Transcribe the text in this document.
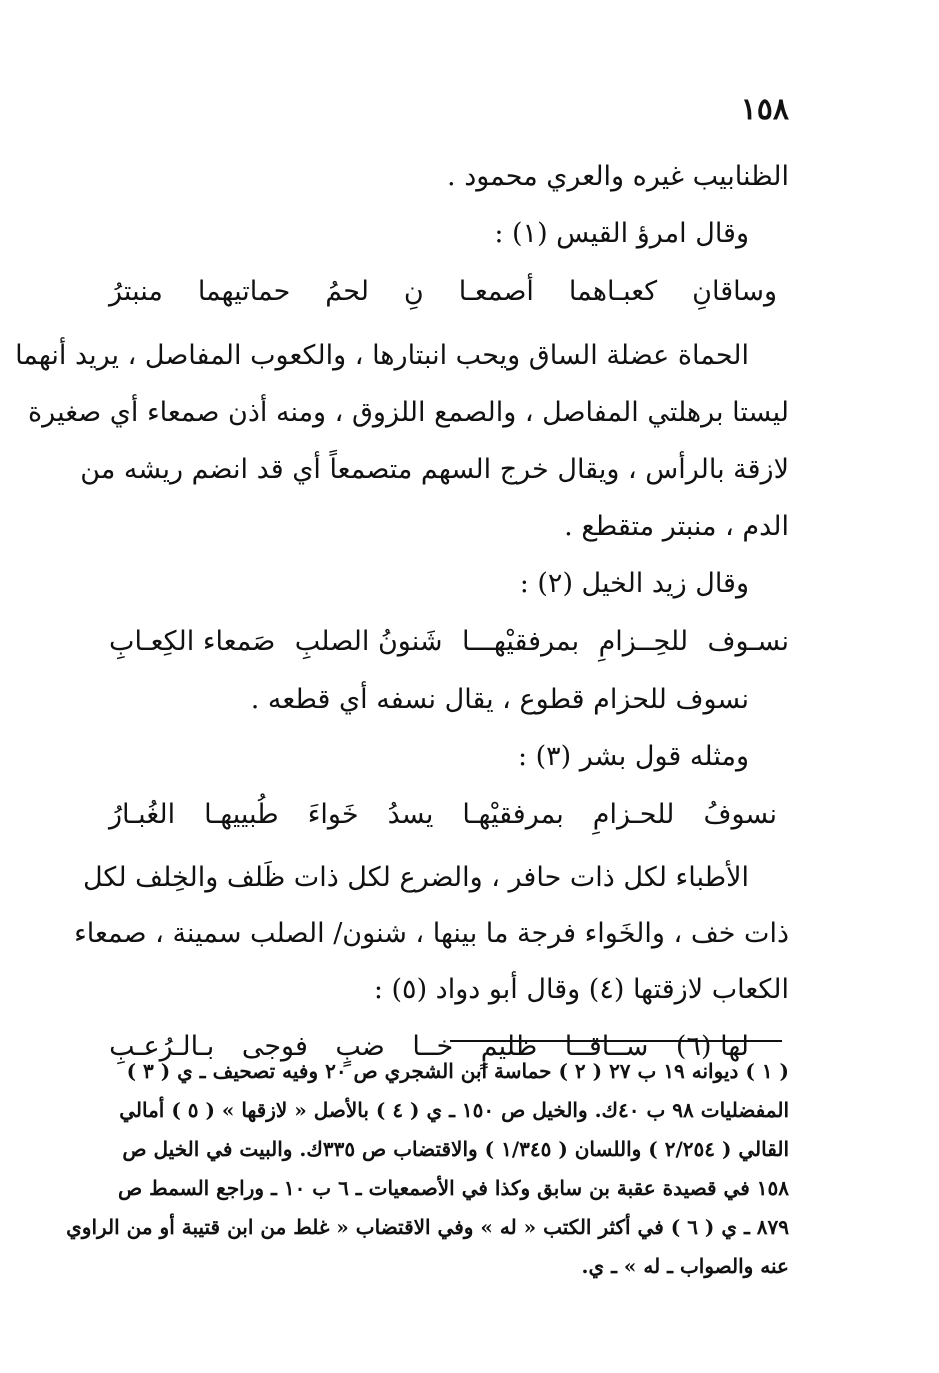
١٥٨

الظنابيب غيره والعري محمود .

وقال امرؤ القيس (١) :

وساقانِ
كعبـاهما
أصمعـا
نِ
لحمُ
حماتيهما
منبترُ

الحماة عضلة الساق ويحب انبتارها ، والكعوب المفاصل ، يريد أنهما

ليستا برهلتي المفاصل ، والصمع اللزوق ، ومنه أذن صمعاء أي صغيرة

لازقة بالرأس ، ويقال خرج السهم متصمعاً أي قد انضم ريشه من

الدم ، منبتر متقطع .

وقال زيد الخيل (٢) :

نسـوف
للحِــزامِ
بمرفقيْهـــا
شَنونُ الصلبِ
صَمعاء الكِعـابِ

نسوف للحزام قطوع ، يقال نسفه أي قطعه .

ومثله قول بشر (٣) :

نسوفُ
للحـزامِ
بمرفقيْهـا
يسدُ
خَواءَ
طُبييهـا
الغُبـارُ

الأطباء لكل ذات حافر ، والضرع لكل ذات ظَلف والخِلف لكل

ذات خف ، والخَواء فرجة ما بينها ، شنون/ الصلب سمينة ، صمعاء

الكعاب لازقتها (٤) وقال أبو دواد (٥) :

لها (٦)
ســاقــا
ظليمٍ
خــا
ضبٍ
فوجى
بـالـرُعـبِ

( ١ ) ديوانه ١٩ ب ٢٧ ( ٢ ) حماسة ابن الشجري ص ٢٠ وفيه تصحيف ـ ي ( ٣ )

المفضليات ٩٨ ب ٤٠ك. والخيل ص ١٥٠ ـ ي ( ٤ ) بالأصل « لازقها » ( ٥ ) أمالي

القالي ( ٢/٢٥٤ ) واللسان ( ١/٣٤٥ ) والاقتضاب ص ٣٣٥ك. والبيت في الخيل ص

١٥٨ في قصيدة عقبة بن سابق وكذا في الأصمعيات ـ ٦ ب ١٠ ـ وراجع السمط ص

٨٧٩ ـ ي ( ٦ ) في أكثر الكتب « له » وفي الاقتضاب « غلط من ابن قتيبة أو من الراوي

عنه والصواب ـ له » ـ ي.
